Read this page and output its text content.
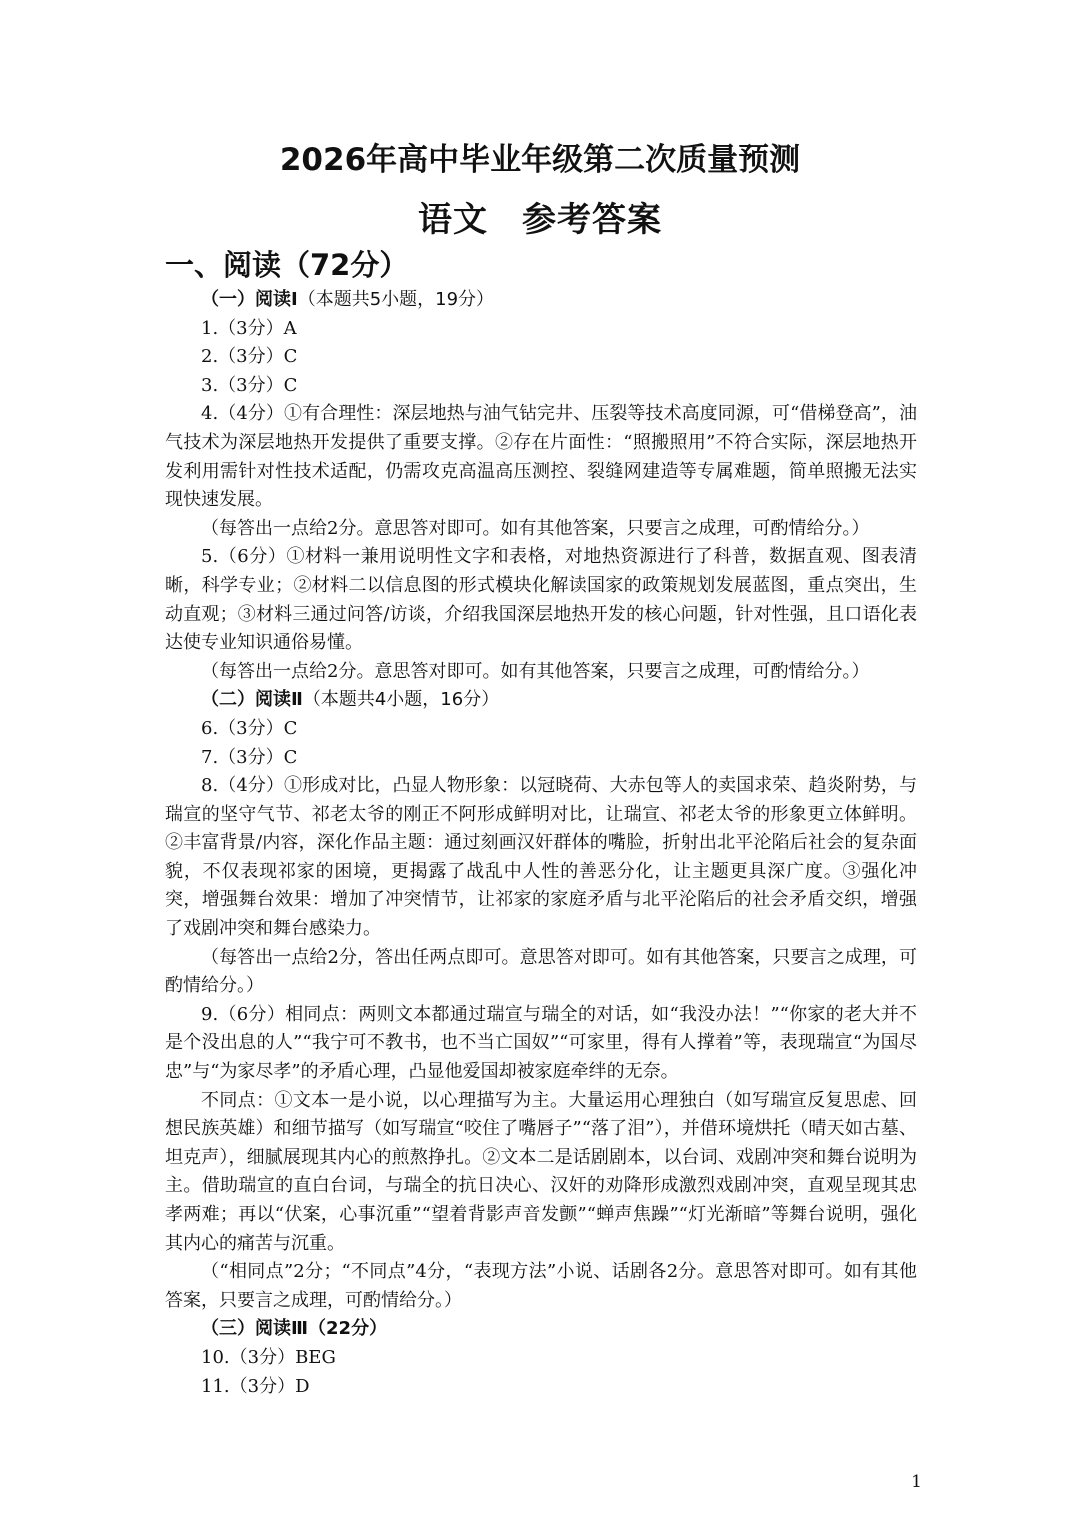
2026年高中毕业年级第二次质量预测
语文 参考答案
一、阅读（72分）

（一）阅读Ⅰ（本题共5小题，19分）

1.（3分）A

2.（3分）C

3.（3分）C

4.（4分）①有合理性：深层地热与油气钻完井、压裂等技术高度同源，可“借梯登高”，油气技术为深层地热开发提供了重要支撑。②存在片面性：“照搬照用”不符合实际，深层地热开发利用需针对性技术适配，仍需攻克高温高压测控、裂缝网建造等专属难题，简单照搬无法实现快速发展。

（每答出一点给2分。意思答对即可。如有其他答案，只要言之成理，可酌情给分。）

5.（6分）①材料一兼用说明性文字和表格，对地热资源进行了科普，数据直观、图表清晰，科学专业；②材料二以信息图的形式模块化解读国家的政策规划发展蓝图，重点突出，生动直观；③材料三通过问答/访谈，介绍我国深层地热开发的核心问题，针对性强，且口语化表达使专业知识通俗易懂。

（每答出一点给2分。意思答对即可。如有其他答案，只要言之成理，可酌情给分。）

（二）阅读Ⅱ（本题共4小题，16分）

6.（3分）C

7.（3分）C

8.（4分）①形成对比，凸显人物形象：以冠晓荷、大赤包等人的卖国求荣、趋炎附势，与瑞宣的坚守气节、祁老太爷的刚正不阿形成鲜明对比，让瑞宣、祁老太爷的形象更立体鲜明。②丰富背景/内容，深化作品主题：通过刻画汉奸群体的嘴脸，折射出北平沦陷后社会的复杂面貌，不仅表现祁家的困境，更揭露了战乱中人性的善恶分化，让主题更具深广度。③强化冲突，增强舞台效果：增加了冲突情节，让祁家的家庭矛盾与北平沦陷后的社会矛盾交织，增强了戏剧冲突和舞台感染力。

（每答出一点给2分，答出任两点即可。意思答对即可。如有其他答案，只要言之成理，可酌情给分。）

9.（6分）相同点：两则文本都通过瑞宣与瑞全的对话，如“我没办法！”“你家的老大并不是个没出息的人”“我宁可不教书，也不当亡国奴”“可家里，得有人撑着”等，表现瑞宣“为国尽忠”与“为家尽孝”的矛盾心理，凸显他爱国却被家庭牵绊的无奈。

不同点：①文本一是小说，以心理描写为主。大量运用心理独白（如写瑞宣反复思虑、回想民族英雄）和细节描写（如写瑞宣“咬住了嘴唇子”“落了泪”），并借环境烘托（晴天如古墓、坦克声），细腻展现其内心的煎熬挣扎。②文本二是话剧剧本，以台词、戏剧冲突和舞台说明为主。借助瑞宣的直白台词，与瑞全的抗日决心、汉奸的劝降形成激烈戏剧冲突，直观呈现其忠孝两难；再以“伏案，心事沉重”“望着背影声音发颤”“蝉声焦躁”“灯光渐暗”等舞台说明，强化其内心的痛苦与沉重。

（“相同点”2分；“不同点”4分，“表现方法”小说、话剧各2分。意思答对即可。如有其他答案，只要言之成理，可酌情给分。）

（三）阅读Ⅲ（22分）

10.（3分）BEG

11.（3分）D

1
